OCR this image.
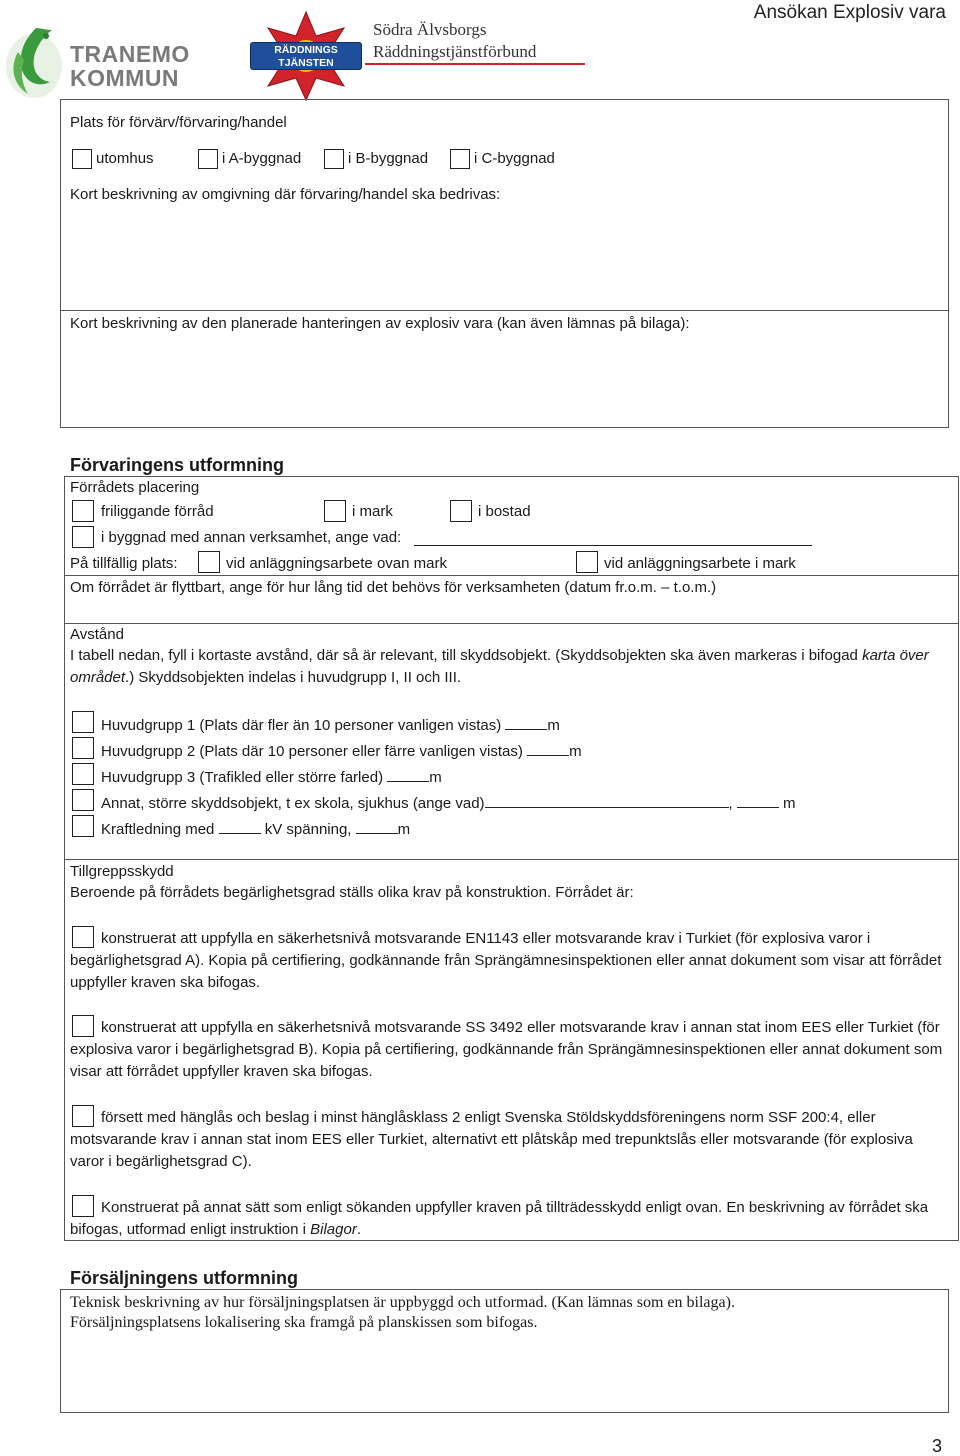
TRANEMO
KOMMUN
RÄDDNINGS
TJÄNSTEN
Södra Älvsborgs
Räddningstjänstförbund
Ansökan Explosiv vara
Plats för förvärv/förvaring/handel
utomhus	i A-byggnad	i B-byggnad	i C-byggnad
Kort beskrivning av omgivning där förvaring/handel ska bedrivas:
Kort beskrivning av den planerade hanteringen av explosiv vara (kan även lämnas på bilaga):
Förvaringens utformning
Förrådets placering
friliggande förråd	i mark	i bostad
i byggnad med annan verksamhet, ange vad:
På tillfällig plats:	vid anläggningsarbete ovan mark	vid anläggningsarbete i mark
Om förrådet är flyttbart, ange för hur lång tid det behövs för verksamheten (datum fr.o.m. – t.o.m.)
Avstånd
I tabell nedan, fyll i kortaste avstånd, där så är relevant, till skyddsobjekt. (Skyddsobjekten ska även markeras i bifogad karta över området.) Skyddsobjekten indelas i huvudgrupp I, II och III.
Huvudgrupp 1 (Plats där fler än 10 personer vanligen vistas)	m
Huvudgrupp 2 (Plats där 10 personer eller färre vanligen vistas)	m
Huvudgrupp 3 (Trafikled eller större farled)	m
Annat, större skyddsobjekt, t ex skola, sjukhus (ange vad)	,	m
Kraftledning med	kV spänning,	m
Tillgreppsskydd
Beroende på förrådets begärlighetsgrad ställs olika krav på konstruktion. Förrådet är:
konstruerat att uppfylla en säkerhetsnivå motsvarande EN1143 eller motsvarande krav i Turkiet (för explosiva varor i begärlighetsgrad A). Kopia på certifiering, godkännande från Sprängämnesinspektionen eller annat dokument som visar att förrådet uppfyller kraven ska bifogas.
konstruerat att uppfylla en säkerhetsnivå motsvarande SS 3492 eller motsvarande krav i annan stat inom EES eller Turkiet (för explosiva varor i begärlighetsgrad B). Kopia på certifiering, godkännande från Sprängämnesinspektionen eller annat dokument som visar att förrådet uppfyller kraven ska bifogas.
försett med hänglås och beslag i minst hänglåsklass 2 enligt Svenska Stöldskyddsföreningens norm SSF 200:4, eller motsvarande krav i annan stat inom EES eller Turkiet, alternativt ett plåtskåp med trepunktslås eller motsvarande (för explosiva varor i begärlighetsgrad C).
Konstruerat på annat sätt som enligt sökanden uppfyller kraven på tillträdesskydd enligt ovan. En beskrivning av förrådet ska bifogas, utformad enligt instruktion i Bilagor.
Försäljningens utformning
Teknisk beskrivning av hur försäljningsplatsen är uppbyggd och utformad. (Kan lämnas som en bilaga).
Försäljningsplatsens lokalisering ska framgå på planskissen som bifogas.
3
